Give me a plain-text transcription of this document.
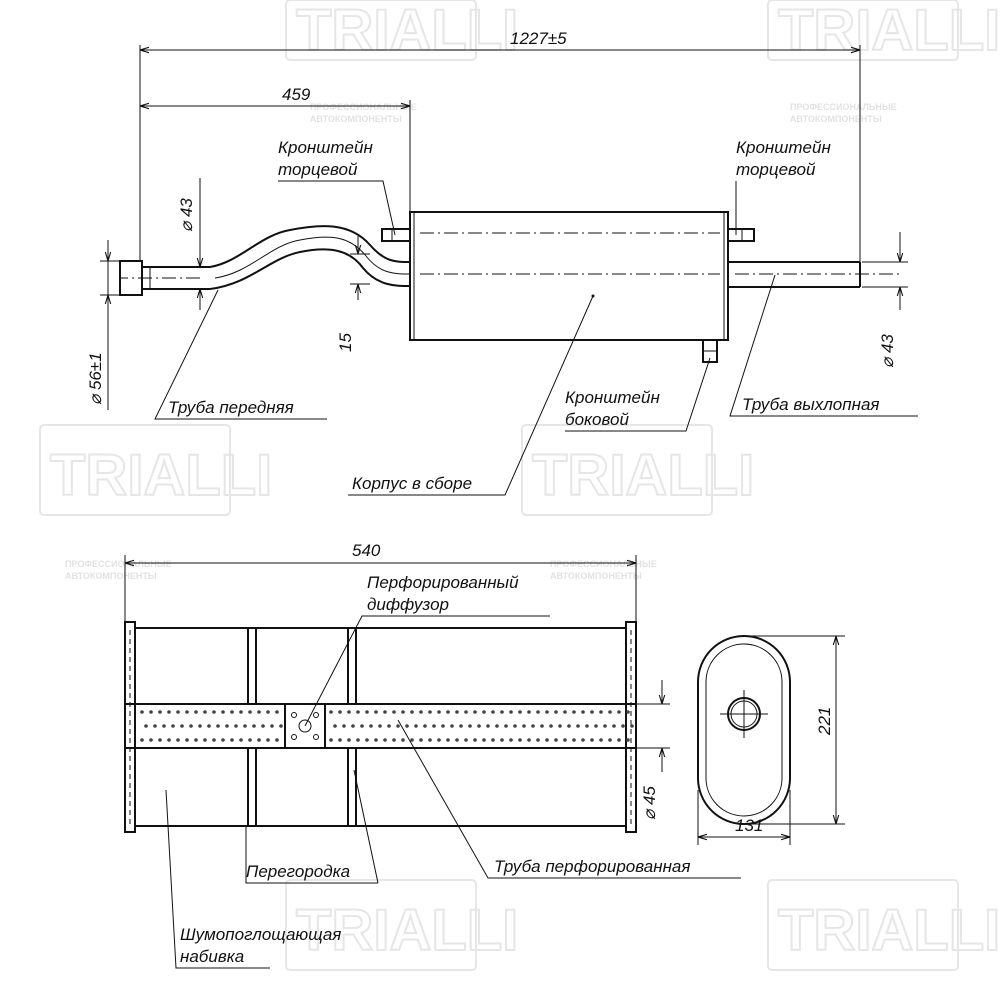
TRIALLI	TRIALLI
TRIALLI	TRIALLI
TRIALLI	TRIALLI
ПРОФЕССИОНАЛЬНЫЕ
АВТОКОМПОНЕНТЫ
ПРОФЕССИОНАЛЬНЫЕ
АВТОКОМПОНЕНТЫ
ПРОФЕССИОНАЛЬНЫЕ
АВТОКОМПОНЕНТЫ
ПРОФЕССИОНАЛЬНЫЕ
АВТОКОМПОНЕНТЫ
1227±5
459
⌀ 56±1
⌀ 43
15	⌀ 43
Кронштейн
торцевой
Кронштейн
торцевой
Кронштейн
боковой
Труба передняя	Труба выхлопная
Корпус в сборе
540
⌀ 45
221
131
Перфорированный
диффузор
Перегородка	Труба перфорированная
Шумопоглощающая
набивка
